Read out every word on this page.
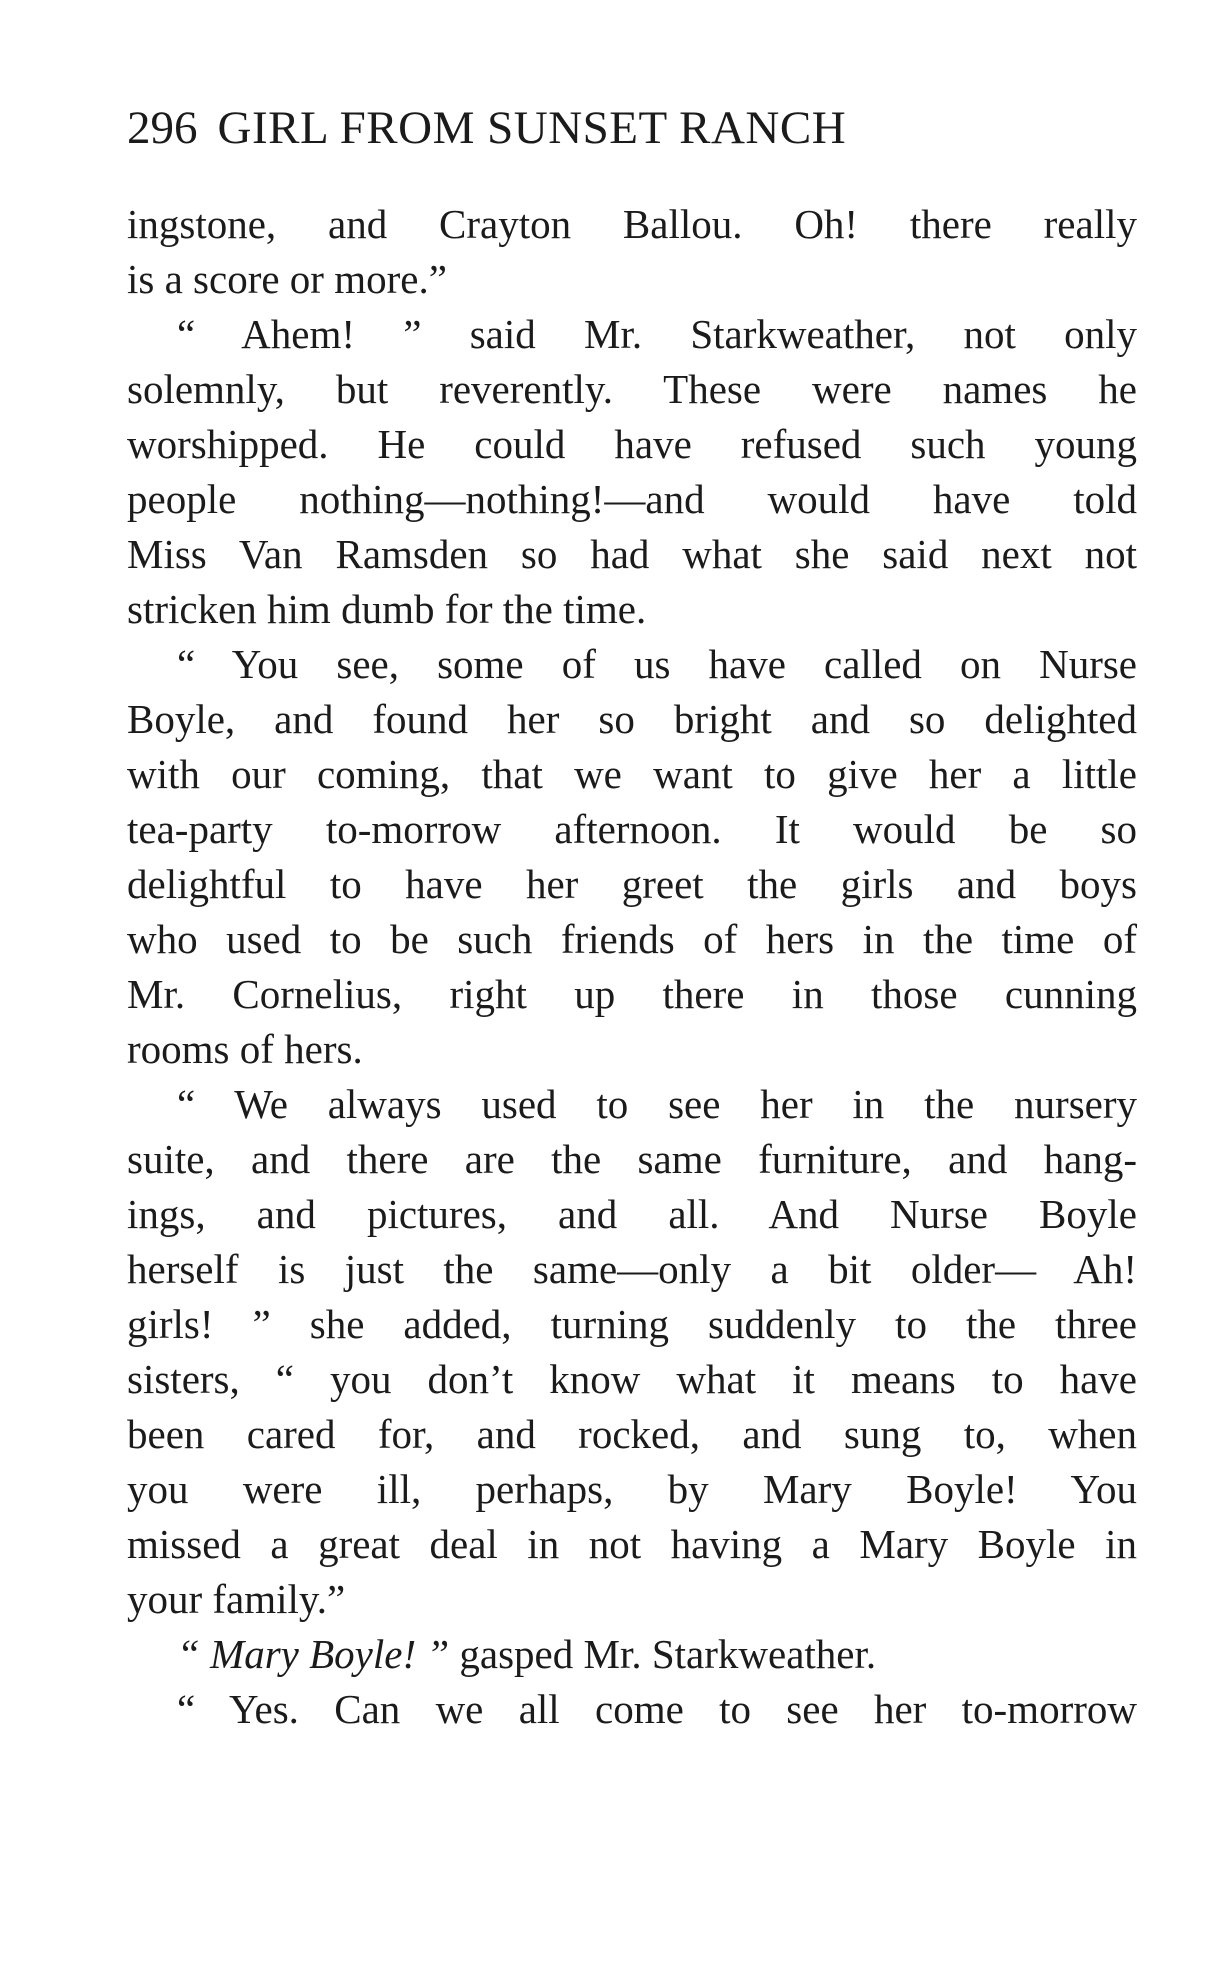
296 GIRL FROM SUNSET RANCH
ingstone, and Crayton Ballou. Oh! there really
is a score or more.”
“ Ahem! ” said Mr. Starkweather, not only
solemnly, but reverently. These were names he
worshipped. He could have refused such young
people nothing—nothing!—and would have told
Miss Van Ramsden so had what she said next not
stricken him dumb for the time.
“ You see, some of us have called on Nurse
Boyle, and found her so bright and so delighted
with our coming, that we want to give her a little
tea-party to-morrow afternoon. It would be so
delightful to have her greet the girls and boys
who used to be such friends of hers in the time of
Mr. Cornelius, right up there in those cunning
rooms of hers.
“ We always used to see her in the nursery
suite, and there are the same furniture, and hang-
ings, and pictures, and all. And Nurse Boyle
herself is just the same—only a bit older— Ah!
girls! ” she added, turning suddenly to the three
sisters, “ you don’t know what it means to have
been cared for, and rocked, and sung to, when
you were ill, perhaps, by Mary Boyle! You
missed a great deal in not having a Mary Boyle in
your family.”
“ Mary Boyle! ” gasped Mr. Starkweather.
“ Yes. Can we all come to see her to-morrow
